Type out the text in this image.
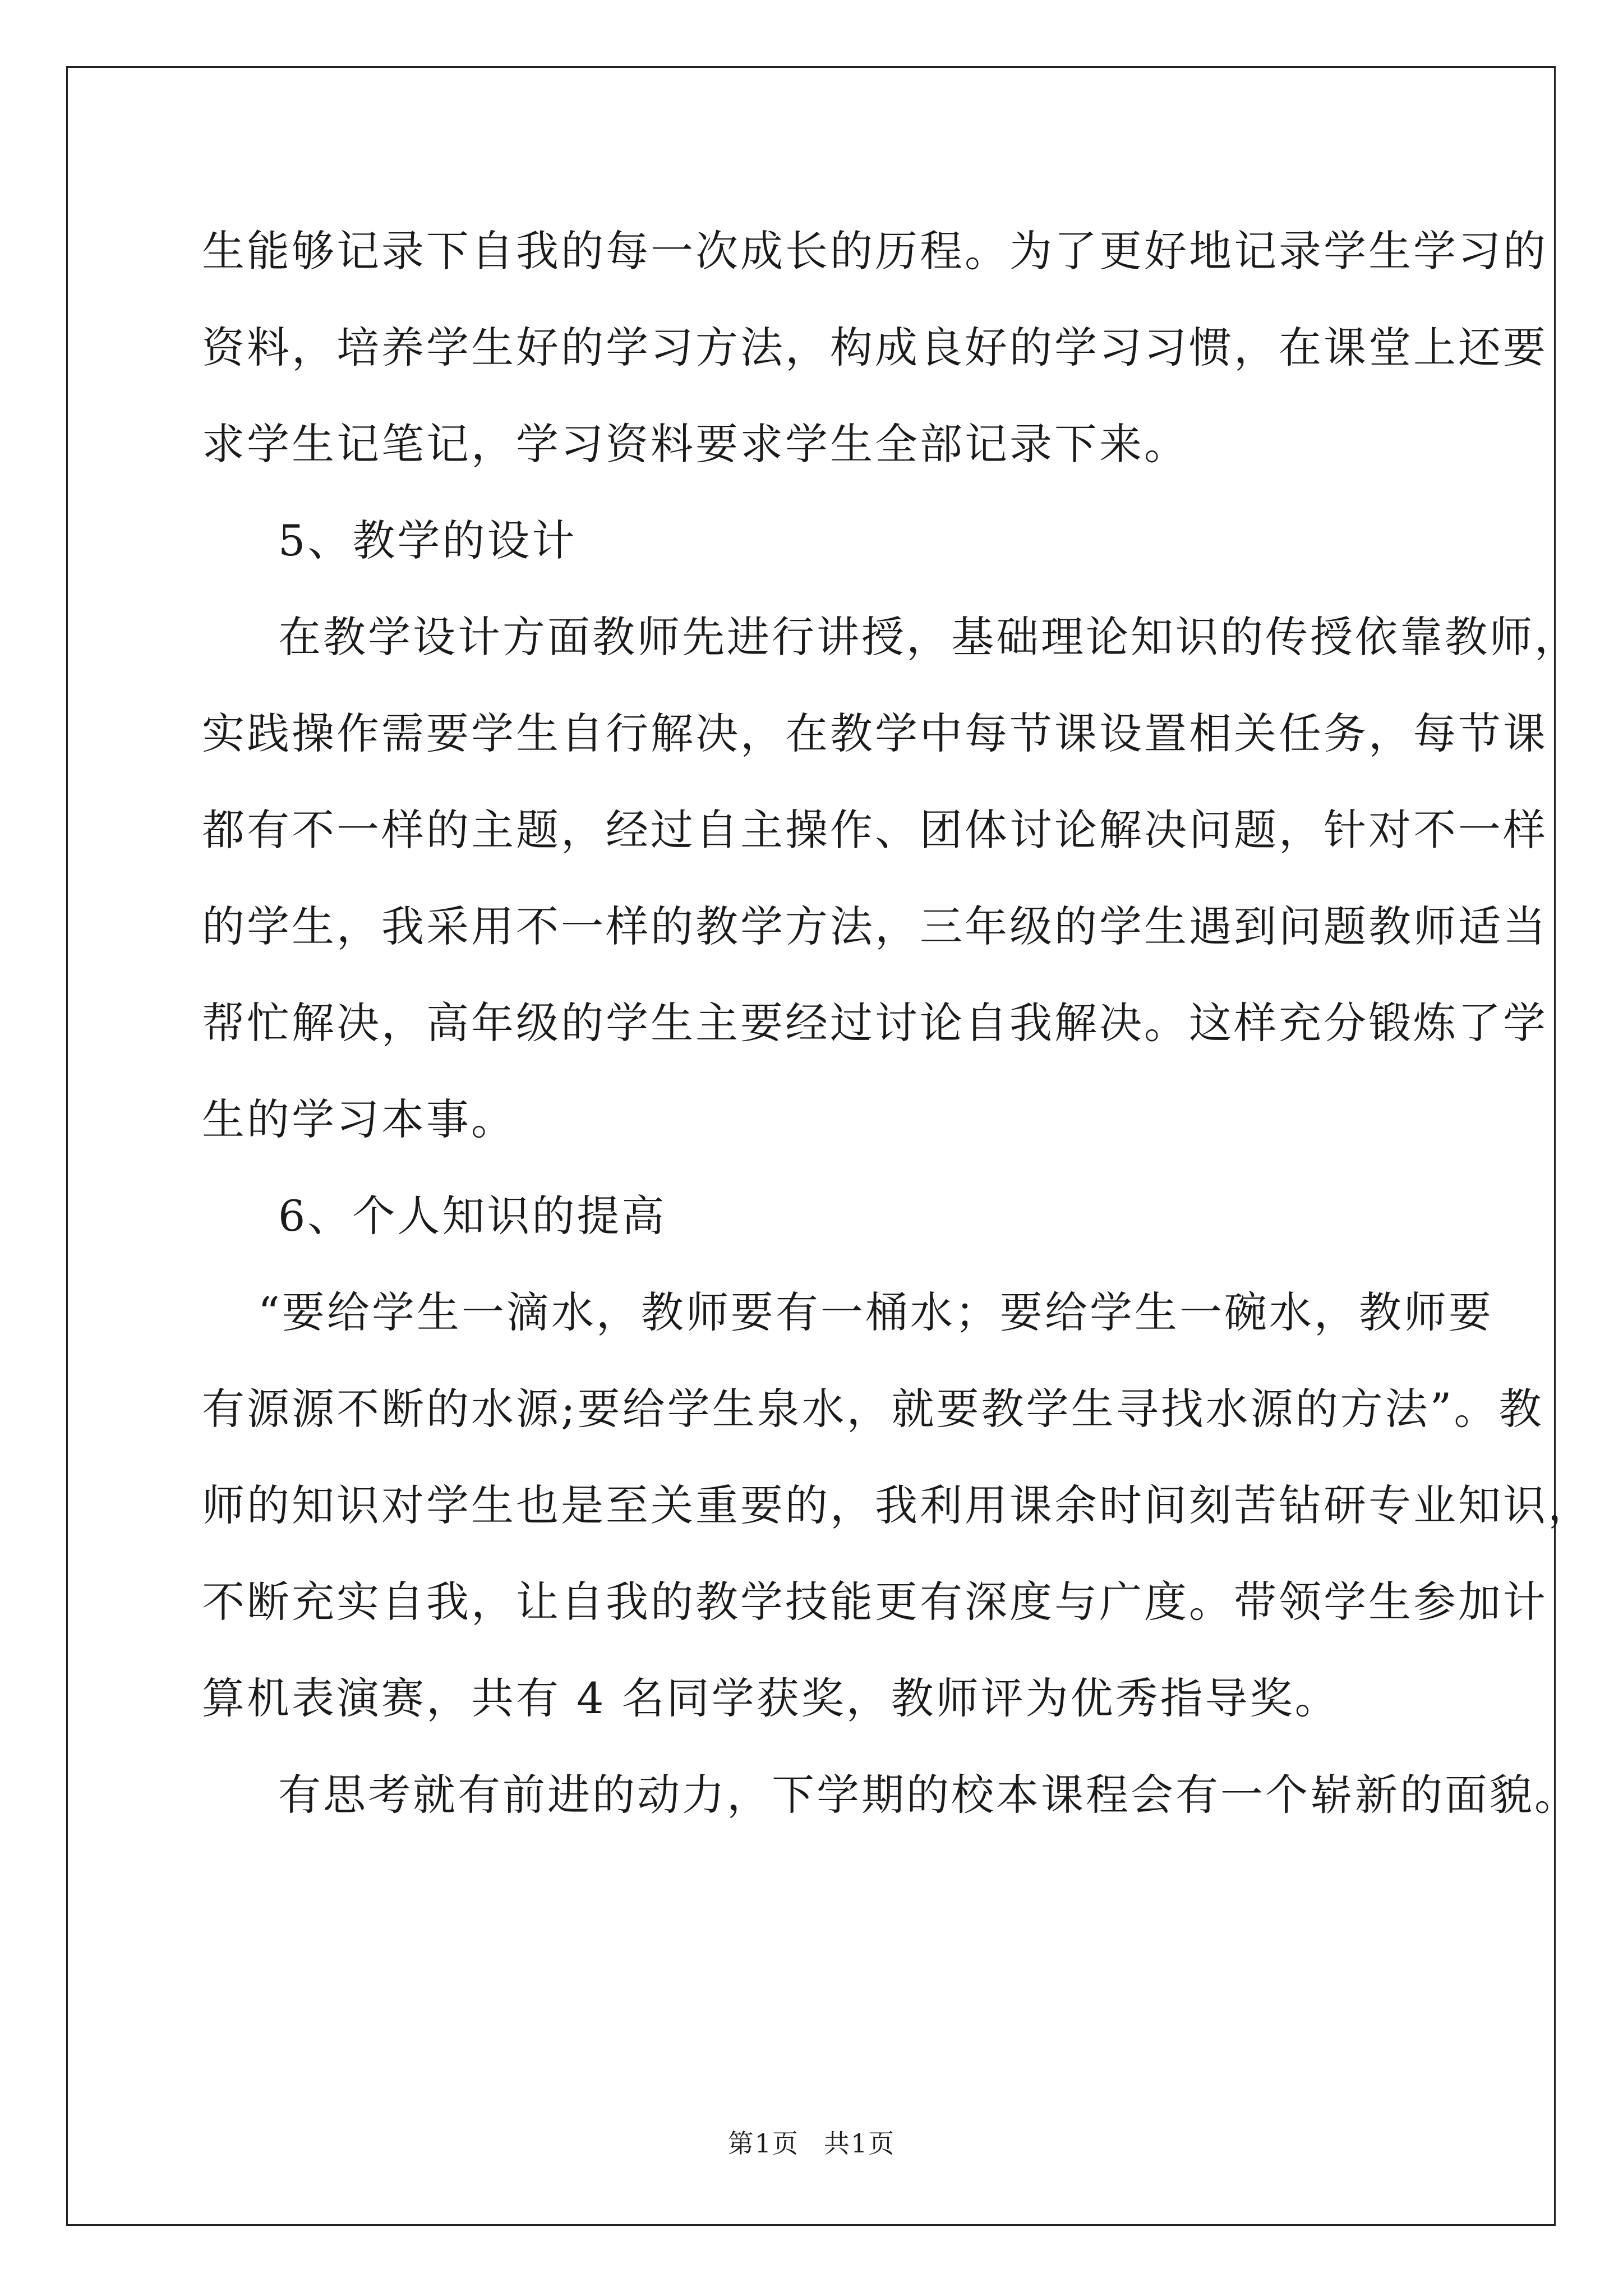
生能够记录下自我的每一次成长的历程。为了更好地记录学生学习的
资料，培养学生好的学习方法，构成良好的学习习惯，在课堂上还要
求学生记笔记，学习资料要求学生全部记录下来。
5、教学的设计
在教学设计方面教师先进行讲授，基础理论知识的传授依靠教师，
实践操作需要学生自行解决，在教学中每节课设置相关任务，每节课
都有不一样的主题，经过自主操作、团体讨论解决问题，针对不一样
的学生，我采用不一样的教学方法，三年级的学生遇到问题教师适当
帮忙解决，高年级的学生主要经过讨论自我解决。这样充分锻炼了学
生的学习本事。
6、个人知识的提高
“要给学生一滴水，教师要有一桶水；要给学生一碗水，教师要
有源源不断的水源;要给学生泉水，就要教学生寻找水源的方法”。教
师的知识对学生也是至关重要的，我利用课余时间刻苦钻研专业知识，
不断充实自我，让自我的教学技能更有深度与广度。带领学生参加计
算机表演赛，共有 4 名同学获奖，教师评为优秀指导奖。
有思考就有前进的动力，下学期的校本课程会有一个崭新的面貌。
第1页 共1页
